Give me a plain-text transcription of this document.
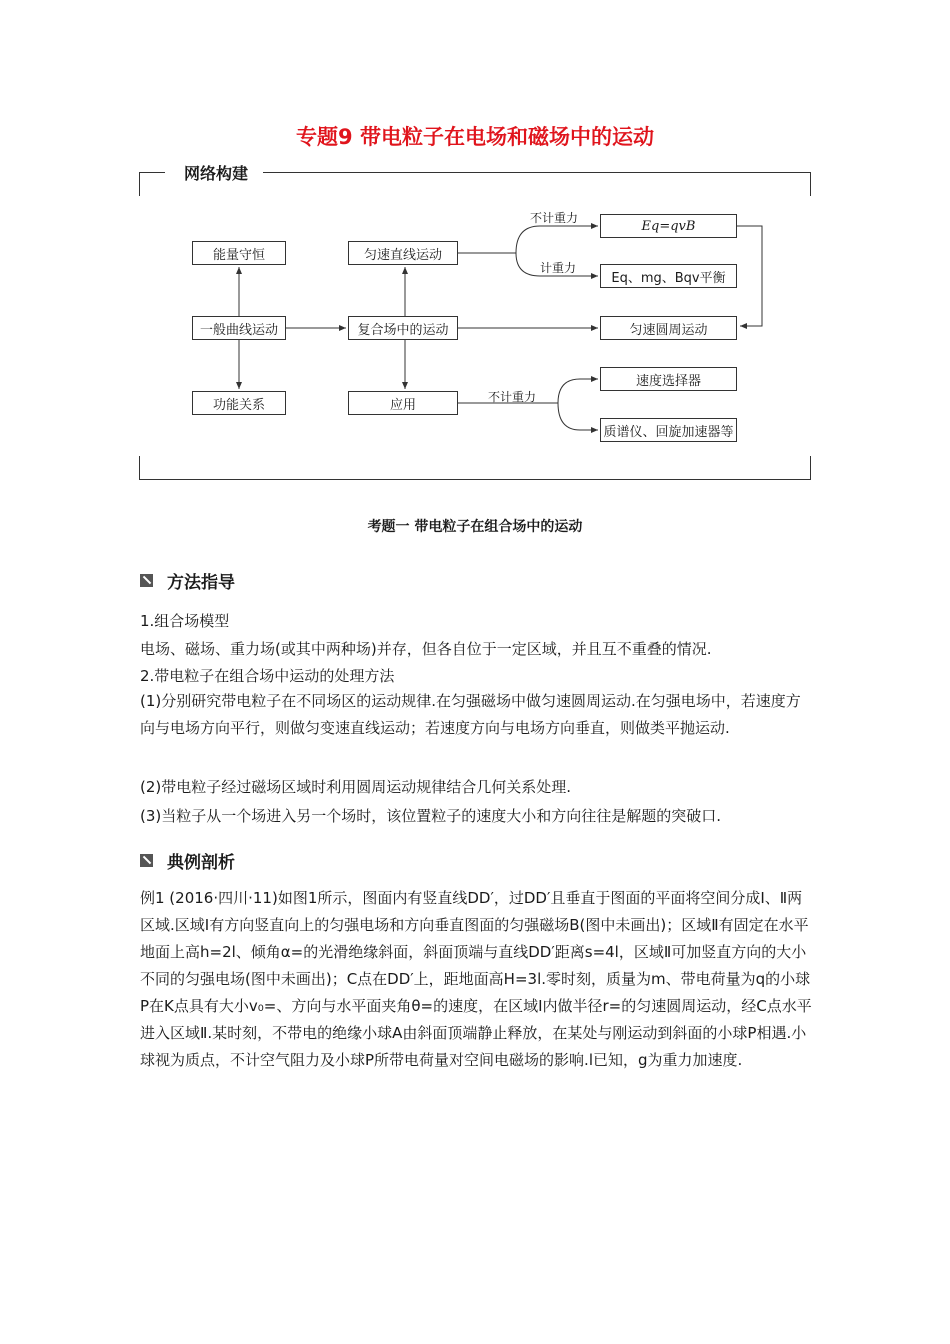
专题9 带电粒子在电场和磁场中的运动
网络构建
能量守恒
一般曲线运动
功能关系
匀速直线运动
复合场中的运动
应用
Eq=qvB
Eq、mg、Bqv平衡
匀速圆周运动
速度选择器
质谱仪、回旋加速器等
不计重力
计重力
不计重力
考题一 带电粒子在组合场中的运动
方法指导
1.组合场模型
电场、磁场、重力场(或其中两种场)并存，但各自位于一定区域，并且互不重叠的情况.
2.带电粒子在组合场中运动的处理方法

(1)分别研究带电粒子在不同场区的运动规律.在匀强磁场中做匀速圆周运动.在匀强电场中，若速度方向与电场方向平行，则做匀变速直线运动；若速度方向与电场方向垂直，则做类平抛运动.

(2)带电粒子经过磁场区域时利用圆周运动规律结合几何关系处理.
(3)当粒子从一个场进入另一个场时，该位置粒子的速度大小和方向往往是解题的突破口.
典例剖析

例1 (2016·四川·11)如图1所示，图面内有竖直线DD′，过DD′且垂直于图面的平面将空间分成Ⅰ、Ⅱ两区域.区域Ⅰ有方向竖直向上的匀强电场和方向垂直图面的匀强磁场B(图中未画出)；区域Ⅱ有固定在水平地面上高h=2l、倾角α=的光滑绝缘斜面，斜面顶端与直线DD′距离s=4l，区域Ⅱ可加竖直方向的大小不同的匀强电场(图中未画出)；C点在DD′上，距地面高H=3l.零时刻，质量为m、带电荷量为q的小球P在K点具有大小v₀=、方向与水平面夹角θ=的速度，在区域Ⅰ内做半径r=的匀速圆周运动，经C点水平进入区域Ⅱ.某时刻，不带电的绝缘小球A由斜面顶端静止释放，在某处与刚运动到斜面的小球P相遇.小球视为质点，不计空气阻力及小球P所带电荷量对空间电磁场的影响.l已知，g为重力加速度.
